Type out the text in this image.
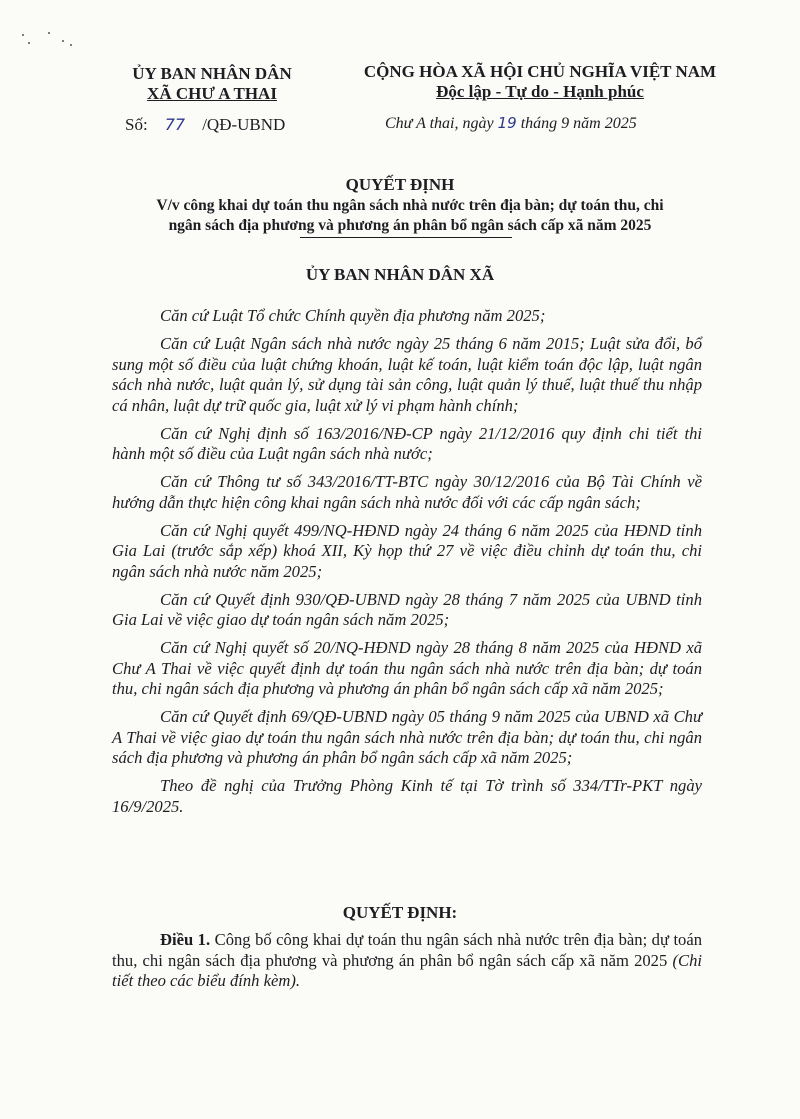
ỦY BAN NHÂN DÂN
XÃ CHƯ A THAI
CỘNG HÒA XÃ HỘI CHỦ NGHĨA VIỆT NAM
Độc lập - Tự do - Hạnh phúc
Số: 77 /QĐ-UBND	Chư A thai, ngày 19 tháng 9 năm 2025
QUYẾT ĐỊNH
V/v công khai dự toán thu ngân sách nhà nước trên địa bàn; dự toán thu, chi
ngân sách địa phương và phương án phân bổ ngân sách cấp xã năm 2025
ỦY BAN NHÂN DÂN XÃ

Căn cứ Luật Tổ chức Chính quyền địa phương năm 2025;

Căn cứ Luật Ngân sách nhà nước ngày 25 tháng 6 năm 2015; Luật sửa đổi, bổ sung một số điều của luật chứng khoán, luật kế toán, luật kiểm toán độc lập, luật ngân sách nhà nước, luật quản lý, sử dụng tài sản công, luật quản lý thuế, luật thuế thu nhập cá nhân, luật dự trữ quốc gia, luật xử lý vi phạm hành chính;

Căn cứ Nghị định số 163/2016/NĐ-CP ngày 21/12/2016 quy định chi tiết thi hành một số điều của Luật ngân sách nhà nước;

Căn cứ Thông tư số 343/2016/TT-BTC ngày 30/12/2016 của Bộ Tài Chính về hướng dẫn thực hiện công khai ngân sách nhà nước đối với các cấp ngân sách;

Căn cứ Nghị quyết 499/NQ-HĐND ngày 24 tháng 6 năm 2025 của HĐND tỉnh Gia Lai (trước sắp xếp) khoá XII, Kỳ họp thứ 27 về việc điều chỉnh dự toán thu, chi ngân sách nhà nước năm 2025;

Căn cứ Quyết định 930/QĐ-UBND ngày 28 tháng 7 năm 2025 của UBND tỉnh Gia Lai về việc giao dự toán ngân sách năm 2025;

Căn cứ Nghị quyết số 20/NQ-HĐND ngày 28 tháng 8 năm 2025 của HĐND xã Chư A Thai về việc quyết định dự toán thu ngân sách nhà nước trên địa bàn; dự toán thu, chi ngân sách địa phương và phương án phân bổ ngân sách cấp xã năm 2025;

Căn cứ Quyết định 69/QĐ-UBND ngày 05 tháng 9 năm 2025 của UBND xã Chư A Thai về việc giao dự toán thu ngân sách nhà nước trên địa bàn; dự toán thu, chi ngân sách địa phương và phương án phân bổ ngân sách cấp xã năm 2025;

Theo đề nghị của Trưởng Phòng Kinh tế tại Tờ trình số 334/TTr-PKT ngày 16/9/2025.

QUYẾT ĐỊNH:

Điều 1. Công bố công khai dự toán thu ngân sách nhà nước trên địa bàn; dự toán thu, chi ngân sách địa phương và phương án phân bổ ngân sách cấp xã năm 2025 (Chi tiết theo các biểu đính kèm).
